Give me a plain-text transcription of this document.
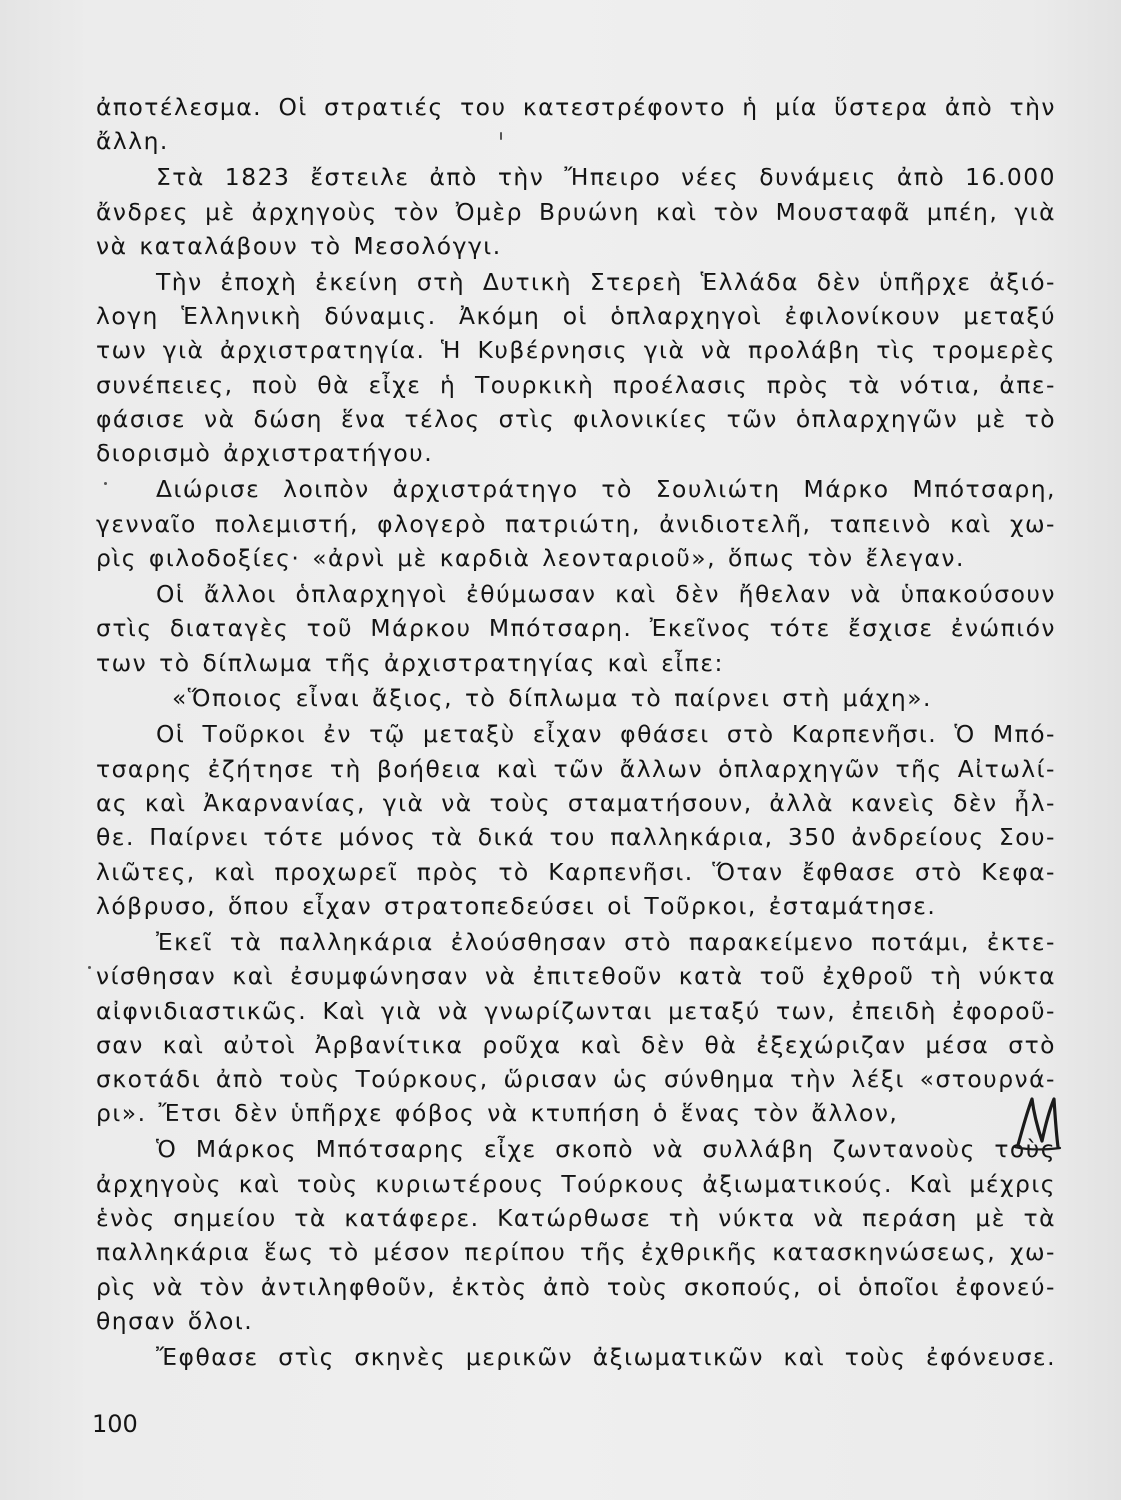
ἀποτέλεσμα. Οἱ στρατιές του κατεστρέφοντο ἡ μία ὕστερα ἀπὸ τὴν
ἄλλη.
Στὰ 1823 ἔστειλε ἀπὸ τὴν Ἤπειρο νέες δυνάμεις ἀπὸ 16.000
ἄνδρες μὲ ἀρχηγοὺς τὸν Ὀμὲρ Βρυώνη καὶ τὸν Μουσταφᾶ μπέη, γιὰ
νὰ καταλάβουν τὸ Μεσολόγγι.
Τὴν ἐποχὴ ἐκείνη στὴ Δυτικὴ Στερεὴ Ἑλλάδα δὲν ὑπῆρχε ἀξιό-
λογη Ἑλληνικὴ δύναμις. Ἀκόμη οἱ ὁπλαρχηγοὶ ἐφιλονίκουν μεταξύ
των γιὰ ἀρχιστρατηγία. Ἡ Κυβέρνησις γιὰ νὰ προλάβη τὶς τρομερὲς
συνέπειες, ποὺ θὰ εἶχε ἡ Τουρκικὴ προέλασις πρὸς τὰ νότια, ἀπε-
φάσισε νὰ δώση ἕνα τέλος στὶς φιλονικίες τῶν ὁπλαρχηγῶν μὲ τὸ
διορισμὸ ἀρχιστρατήγου.
Διώρισε λοιπὸν ἀρχιστράτηγο τὸ Σουλιώτη Μάρκο Μπότσαρη,
γενναῖο πολεμιστή, φλογερὸ πατριώτη, ἀνιδιοτελῆ, ταπεινὸ καὶ χω-
ρὶς φιλοδοξίες· «ἀρνὶ μὲ καρδιὰ λεονταριοῦ», ὅπως τὸν ἔλεγαν.
Οἱ ἄλλοι ὁπλαρχηγοὶ ἐθύμωσαν καὶ δὲν ἤθελαν νὰ ὑπακούσουν
στὶς διαταγὲς τοῦ Μάρκου Μπότσαρη. Ἐκεῖνος τότε ἔσχισε ἐνώπιόν
των τὸ δίπλωμα τῆς ἀρχιστρατηγίας καὶ εἶπε:
«Ὅποιος εἶναι ἄξιος, τὸ δίπλωμα τὸ παίρνει στὴ μάχη».
Οἱ Τοῦρκοι ἐν τῷ μεταξὺ εἶχαν φθάσει στὸ Καρπενῆσι. Ὁ Μπό-
τσαρης ἐζήτησε τὴ βοήθεια καὶ τῶν ἄλλων ὁπλαρχηγῶν τῆς Αἰτωλί-
ας καὶ Ἀκαρνανίας, γιὰ νὰ τοὺς σταματήσουν, ἀλλὰ κανεὶς δὲν ἦλ-
θε. Παίρνει τότε μόνος τὰ δικά του παλληκάρια, 350 ἀνδρείους Σου-
λιῶτες, καὶ προχωρεῖ πρὸς τὸ Καρπενῆσι. Ὅταν ἔφθασε στὸ Κεφα-
λόβρυσο, ὅπου εἶχαν στρατοπεδεύσει οἱ Τοῦρκοι, ἐσταμάτησε.
Ἐκεῖ τὰ παλληκάρια ἐλούσθησαν στὸ παρακείμενο ποτάμι, ἐκτε-
νίσθησαν καὶ ἐσυμφώνησαν νὰ ἐπιτεθοῦν κατὰ τοῦ ἐχθροῦ τὴ νύκτα
αἰφνιδιαστικῶς. Καὶ γιὰ νὰ γνωρίζωνται μεταξύ των, ἐπειδὴ ἐφοροῦ-
σαν καὶ αὐτοὶ Ἀρβανίτικα ροῦχα καὶ δὲν θὰ ἐξεχώριζαν μέσα στὸ
σκοτάδι ἀπὸ τοὺς Τούρκους, ὥρισαν ὡς σύνθημα τὴν λέξι «στουρνά-
ρι». Ἔτσι δὲν ὑπῆρχε φόβος νὰ κτυπήση ὁ ἕνας τὸν ἄλλον,
Ὁ Μάρκος Μπότσαρης εἶχε σκοπὸ νὰ συλλάβη ζωντανοὺς τοὺς
ἀρχηγοὺς καὶ τοὺς κυριωτέρους Τούρκους ἀξιωματικούς. Καὶ μέχρις
ἑνὸς σημείου τὰ κατάφερε. Κατώρθωσε τὴ νύκτα νὰ περάση μὲ τὰ
παλληκάρια ἕως τὸ μέσον περίπου τῆς ἐχθρικῆς κατασκηνώσεως, χω-
ρὶς νὰ τὸν ἀντιληφθοῦν, ἐκτὸς ἀπὸ τοὺς σκοπούς, οἱ ὁποῖοι ἐφονεύ-
θησαν ὅλοι.
Ἔφθασε στὶς σκηνὲς μερικῶν ἀξιωματικῶν καὶ τοὺς ἐφόνευσε.
100
